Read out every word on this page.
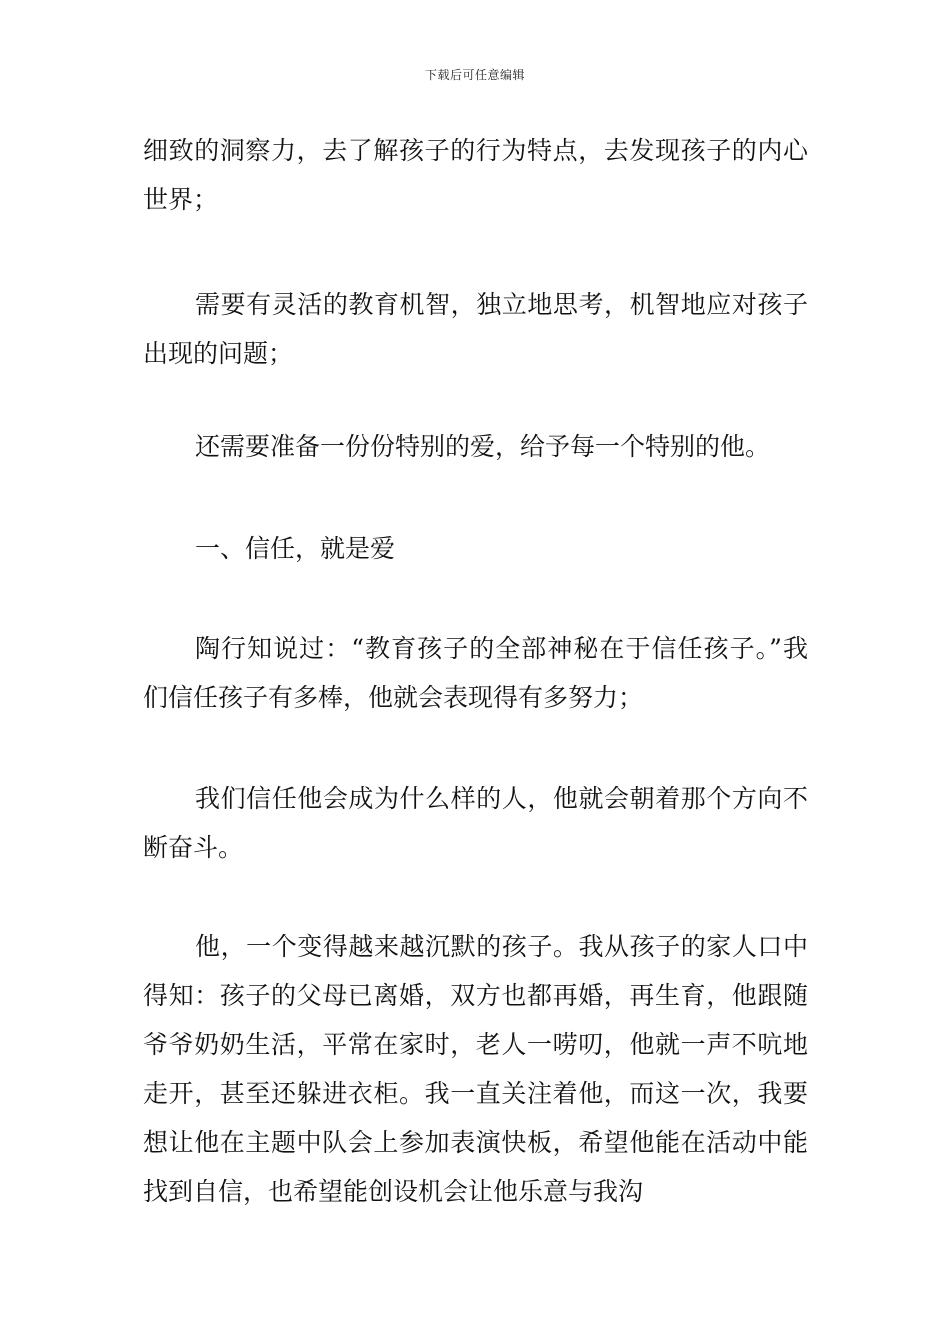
下载后可任意编辑

细致的洞察力，去了解孩子的行为特点，去发现孩子的内心世界；

需要有灵活的教育机智，独立地思考，机智地应对孩子出现的问题；

还需要准备一份份特别的爱，给予每一个特别的他。

一、信任，就是爱

陶行知说过：“教育孩子的全部神秘在于信任孩子。”我们信任孩子有多棒，他就会表现得有多努力；

我们信任他会成为什么样的人，他就会朝着那个方向不断奋斗。

他，一个变得越来越沉默的孩子。我从孩子的家人口中得知：孩子的父母已离婚，双方也都再婚，再生育，他跟随爷爷奶奶生活，平常在家时，老人一唠叨，他就一声不吭地走开，甚至还躲进衣柜。我一直关注着他，而这一次，我要想让他在主题中队会上参加表演快板，希望他能在活动中能找到自信，也希望能创设机会让他乐意与我沟
